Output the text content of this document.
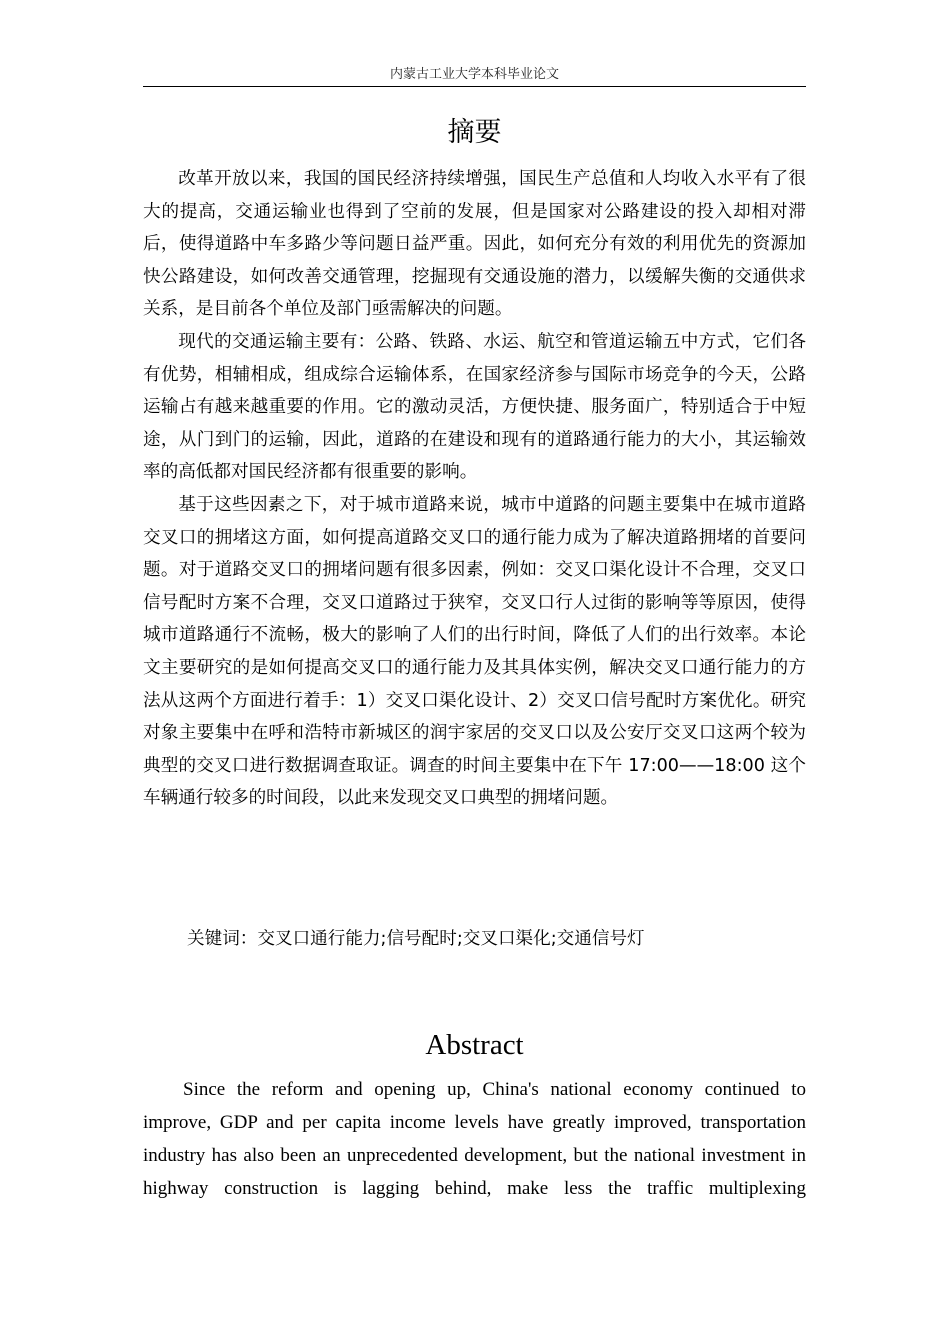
内蒙古工业大学本科毕业论文
摘要

改革开放以来，我国的国民经济持续增强，国民生产总值和人均收入水平有了很大的提高，交通运输业也得到了空前的发展，但是国家对公路建设的投入却相对滞后，使得道路中车多路少等问题日益严重。因此，如何充分有效的利用优先的资源加快公路建设，如何改善交通管理，挖掘现有交通设施的潜力，以缓解失衡的交通供求关系，是目前各个单位及部门亟需解决的问题。

现代的交通运输主要有：公路、铁路、水运、航空和管道运输五中方式，它们各有优势，相辅相成，组成综合运输体系，在国家经济参与国际市场竞争的今天，公路运输占有越来越重要的作用。它的激动灵活，方便快捷、服务面广，特别适合于中短途，从门到门的运输，因此，道路的在建设和现有的道路通行能力的大小，其运输效率的高低都对国民经济都有很重要的影响。

基于这些因素之下，对于城市道路来说，城市中道路的问题主要集中在城市道路交叉口的拥堵这方面，如何提高道路交叉口的通行能力成为了解决道路拥堵的首要问题。对于道路交叉口的拥堵问题有很多因素，例如：交叉口渠化设计不合理，交叉口信号配时方案不合理，交叉口道路过于狭窄，交叉口行人过街的影响等等原因，使得城市道路通行不流畅，极大的影响了人们的出行时间，降低了人们的出行效率。本论文主要研究的是如何提高交叉口的通行能力及其具体实例，解决交叉口通行能力的方法从这两个方面进行着手：1）交叉口渠化设计、2）交叉口信号配时方案优化。研究对象主要集中在呼和浩特市新城区的润宇家居的交叉口以及公安厅交叉口这两个较为典型的交叉口进行数据调查取证。调查的时间主要集中在下午 17:00——18:00 这个车辆通行较多的时间段，以此来发现交叉口典型的拥堵问题。

关键词：交叉口通行能力;信号配时;交叉口渠化;交通信号灯
Abstract

Since the reform and opening up, China's national economy continued to improve, GDP and per capita income levels have greatly improved, transportation industry has also been an unprecedented development, but the national investment in highway construction is lagging behind, make less the traffic multiplexing
